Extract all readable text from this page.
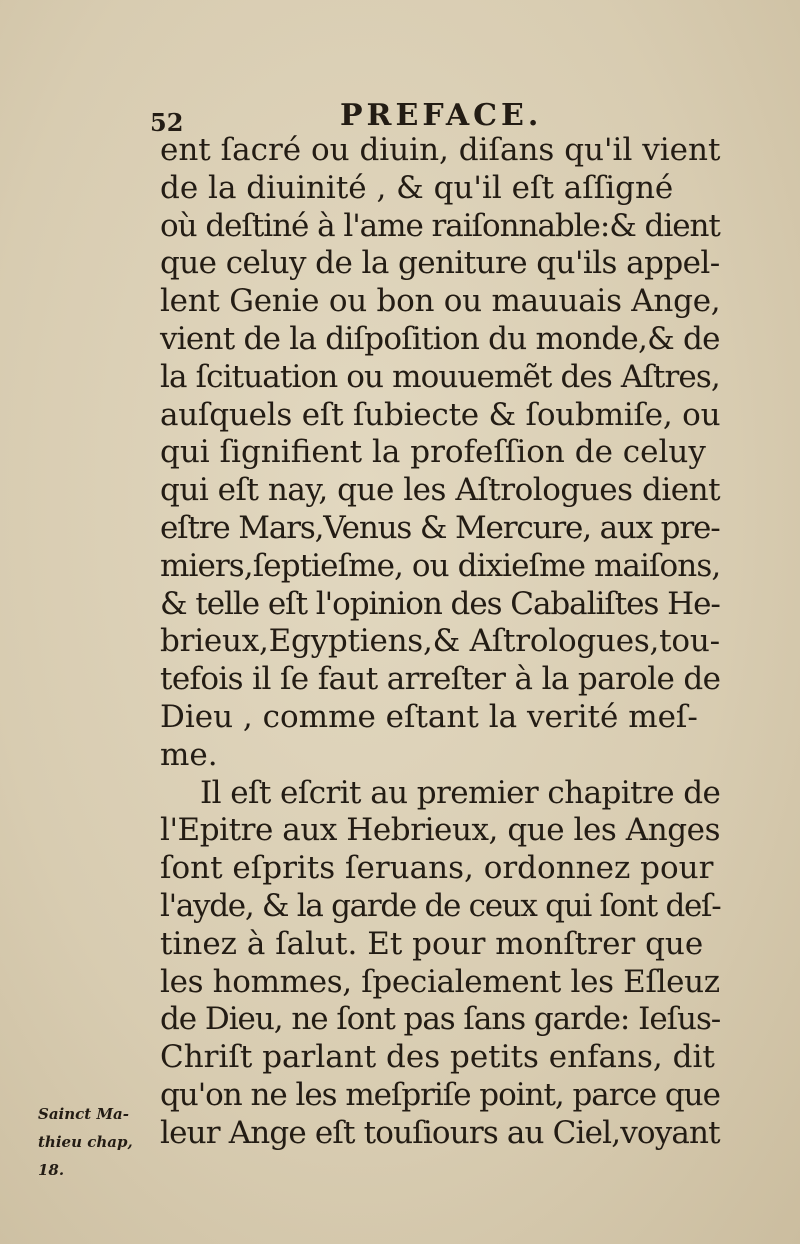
52	PREFACE.
ent ſacré ou diuin, diſans qu'il vient
de la diuinité , & qu'il eſt aſſigné
où deſtiné à l'ame raiſonnable:& dient
que celuy de la geniture qu'ils appel-
lent Genie ou bon ou mauuais Ange,
vient de la diſpoſition du monde,& de
la ſcituation ou mouuemẽt des Aſtres,
auſquels eſt ſubiecte & ſoubmiſe, ou
qui ſignifient la profeſſion de celuy
qui eſt nay, que les Aſtrologues dient
eſtre Mars,Venus & Mercure, aux pre-
miers,ſeptieſme, ou dixieſme maiſons,
& telle eſt l'opinion des Cabaliſtes He-
brieux,Egyptiens,& Aſtrologues,tou-
tefois il ſe faut arreſter à la parole de
Dieu , comme eſtant la verité meſ-
me.
Il eſt eſcrit au premier chapitre de
l'Epitre aux Hebrieux, que les Anges
ſont eſprits ſeruans, ordonnez pour
l'ayde, & la garde de ceux qui ſont deſ-
tinez à ſalut. Et pour monſtrer que
les hommes, ſpecialement les Eſleuz
de Dieu, ne ſont pas ſans garde: Ieſus-
Chriſt parlant des petits enfans, dit
qu'on ne les meſpriſe point, parce que
leur Ange eſt touſiours au Ciel,voyant
Sainct Ma-
thieu chap,
18.
